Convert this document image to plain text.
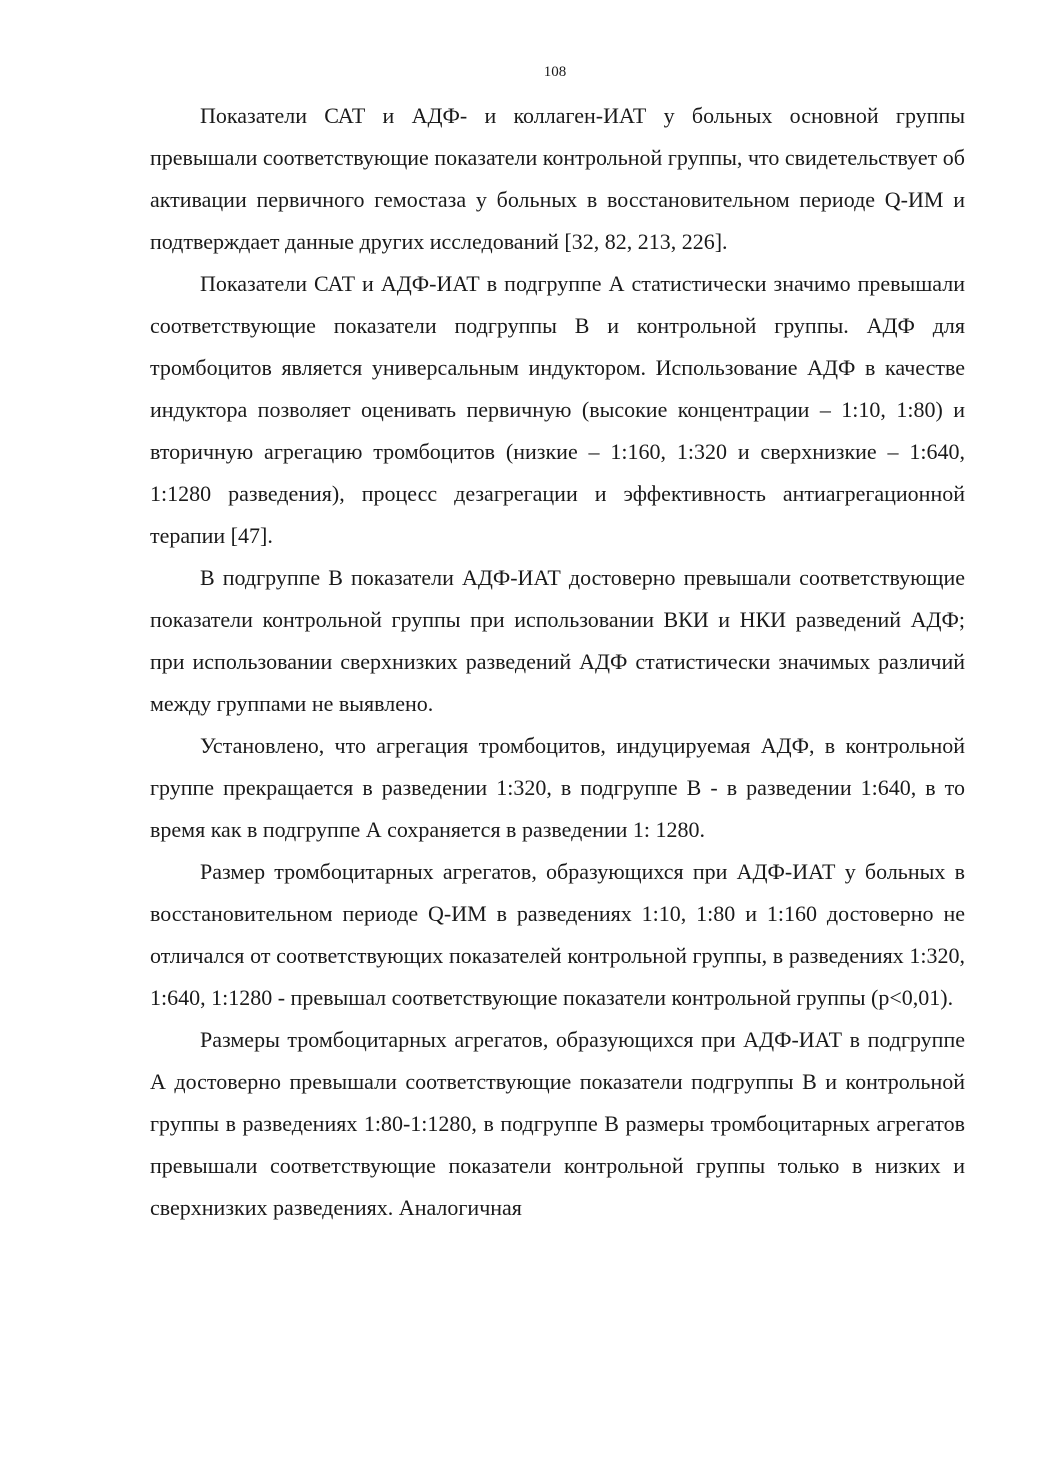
108

Показатели САТ и АДФ- и коллаген-ИАТ у больных основной группы превышали соответствующие показатели контрольной группы, что свидетельствует об активации первичного гемостаза у больных в восстановительном периоде Q-ИМ и подтверждает данные других исследований [32, 82, 213, 226].

Показатели САТ и АДФ-ИАТ в подгруппе А статистически значимо превышали соответствующие показатели подгруппы В и контрольной группы. АДФ для тромбоцитов является универсальным индуктором. Использование АДФ в качестве индуктора позволяет оценивать первичную (высокие концентрации – 1:10, 1:80) и вторичную агрегацию тромбоцитов (низкие – 1:160, 1:320 и сверхнизкие – 1:640, 1:1280 разведения), процесс дезагрегации и эффективность антиагрегационной терапии [47].

В подгруппе В показатели АДФ-ИАТ достоверно превышали соответствующие показатели контрольной группы при использовании ВКИ и НКИ разведений АДФ; при использовании сверхнизких разведений АДФ статистически значимых различий между группами не выявлено.

Установлено, что агрегация тромбоцитов, индуцируемая АДФ, в контрольной группе прекращается в разведении 1:320, в подгруппе В - в разведении 1:640, в то время как в подгруппе А сохраняется в разведении 1: 1280.

Размер тромбоцитарных агрегатов, образующихся при АДФ-ИАТ у больных в восстановительном периоде Q-ИМ в разведениях 1:10, 1:80 и 1:160 достоверно не отличался от соответствующих показателей контрольной группы, в разведениях 1:320, 1:640, 1:1280 - превышал соответствующие показатели контрольной группы (p<0,01).

Размеры тромбоцитарных агрегатов, образующихся при АДФ-ИАТ в подгруппе А достоверно превышали соответствующие показатели подгруппы В и контрольной группы в разведениях 1:80-1:1280, в подгруппе В размеры тромбоцитарных агрегатов превышали соответствующие показатели контрольной группы только в низких и сверхнизких разведениях. Аналогичная
